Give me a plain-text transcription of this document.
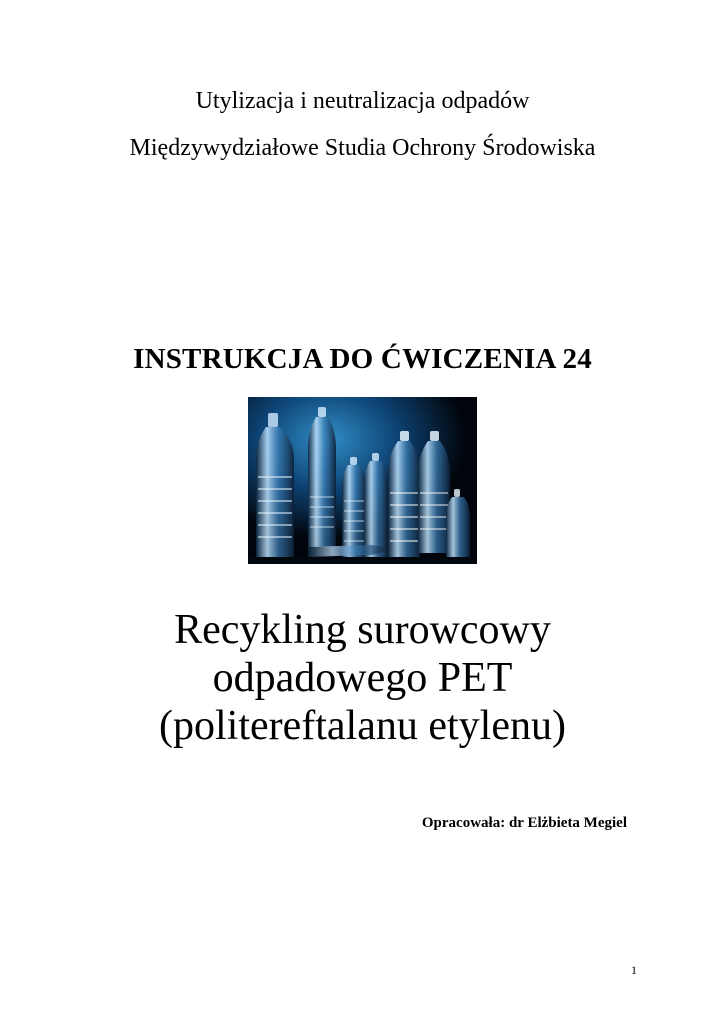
Utylizacja i neutralizacja odpadów
Międzywydziałowe Studia Ochrony Środowiska
INSTRUKCJA DO ĆWICZENIA 24
Recykling surowcowy
odpadowego PET
(politereftalanu etylenu)
Opracowała: dr Elżbieta Megiel
1
